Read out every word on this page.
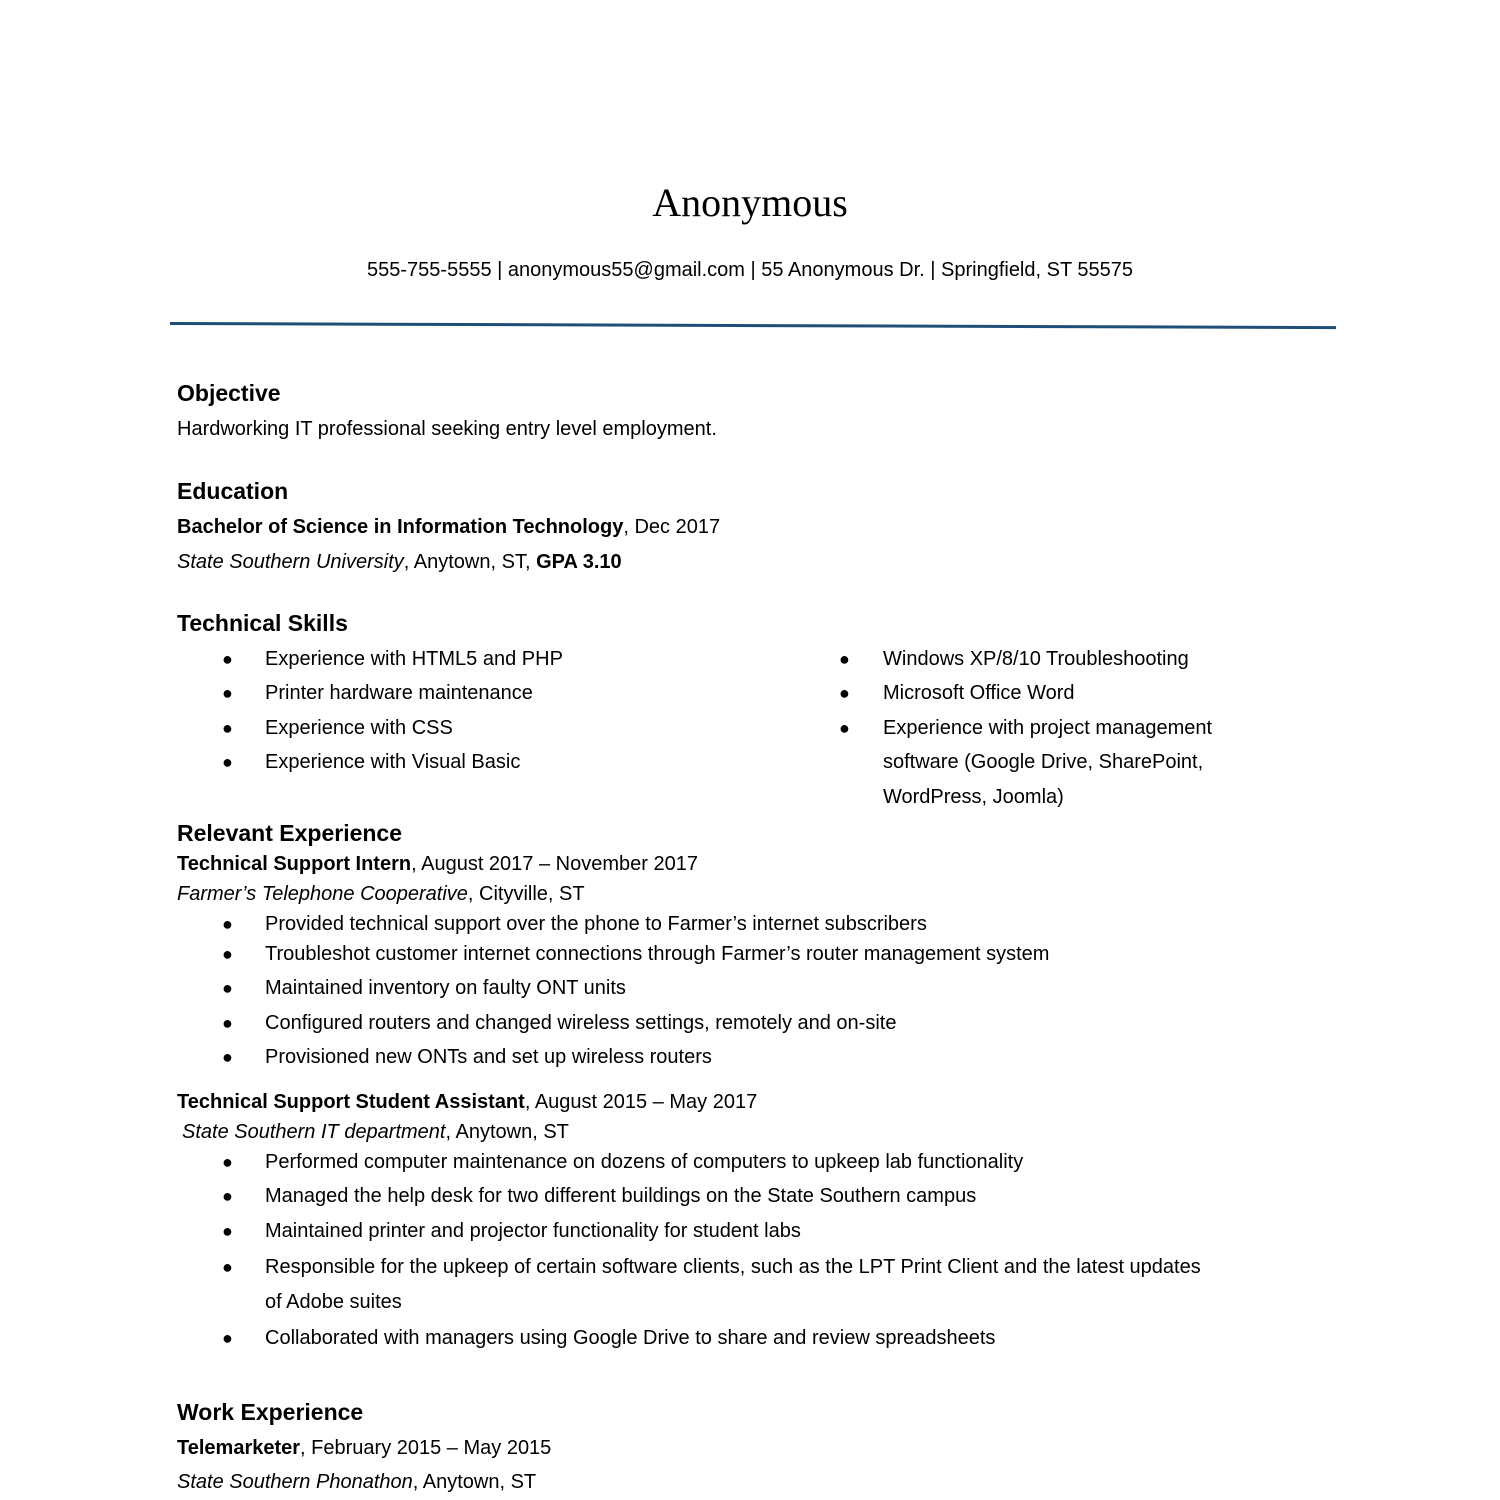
Anonymous
555-755-5555 | anonymous55@gmail.com | 55 Anonymous Dr. | Springfield, ST 55575
Objective
Hardworking IT professional seeking entry level employment.
Education
Bachelor of Science in Information Technology, Dec 2017
State Southern University, Anytown, ST, GPA 3.10
Technical Skills
● Experience with HTML5 and PHP
● Printer hardware maintenance
● Experience with CSS
● Experience with Visual Basic
● Windows XP/8/10 Troubleshooting
● Microsoft Office Word
● Experience with project management
software (Google Drive, SharePoint,
WordPress, Joomla)
Relevant Experience
Technical Support Intern, August 2017 – November 2017
Farmer’s Telephone Cooperative, Cityville, ST
● Provided technical support over the phone to Farmer’s internet subscribers
● Troubleshot customer internet connections through Farmer’s router management system
● Maintained inventory on faulty ONT units
● Configured routers and changed wireless settings, remotely and on-site
● Provisioned new ONTs and set up wireless routers
Technical Support Student Assistant, August 2015 – May 2017
State Southern IT department, Anytown, ST
● Performed computer maintenance on dozens of computers to upkeep lab functionality
● Managed the help desk for two different buildings on the State Southern campus
● Maintained printer and projector functionality for student labs
● Responsible for the upkeep of certain software clients, such as the LPT Print Client and the latest updates
of Adobe suites
● Collaborated with managers using Google Drive to share and review spreadsheets
Work Experience
Telemarketer, February 2015 – May 2015
State Southern Phonathon, Anytown, ST
